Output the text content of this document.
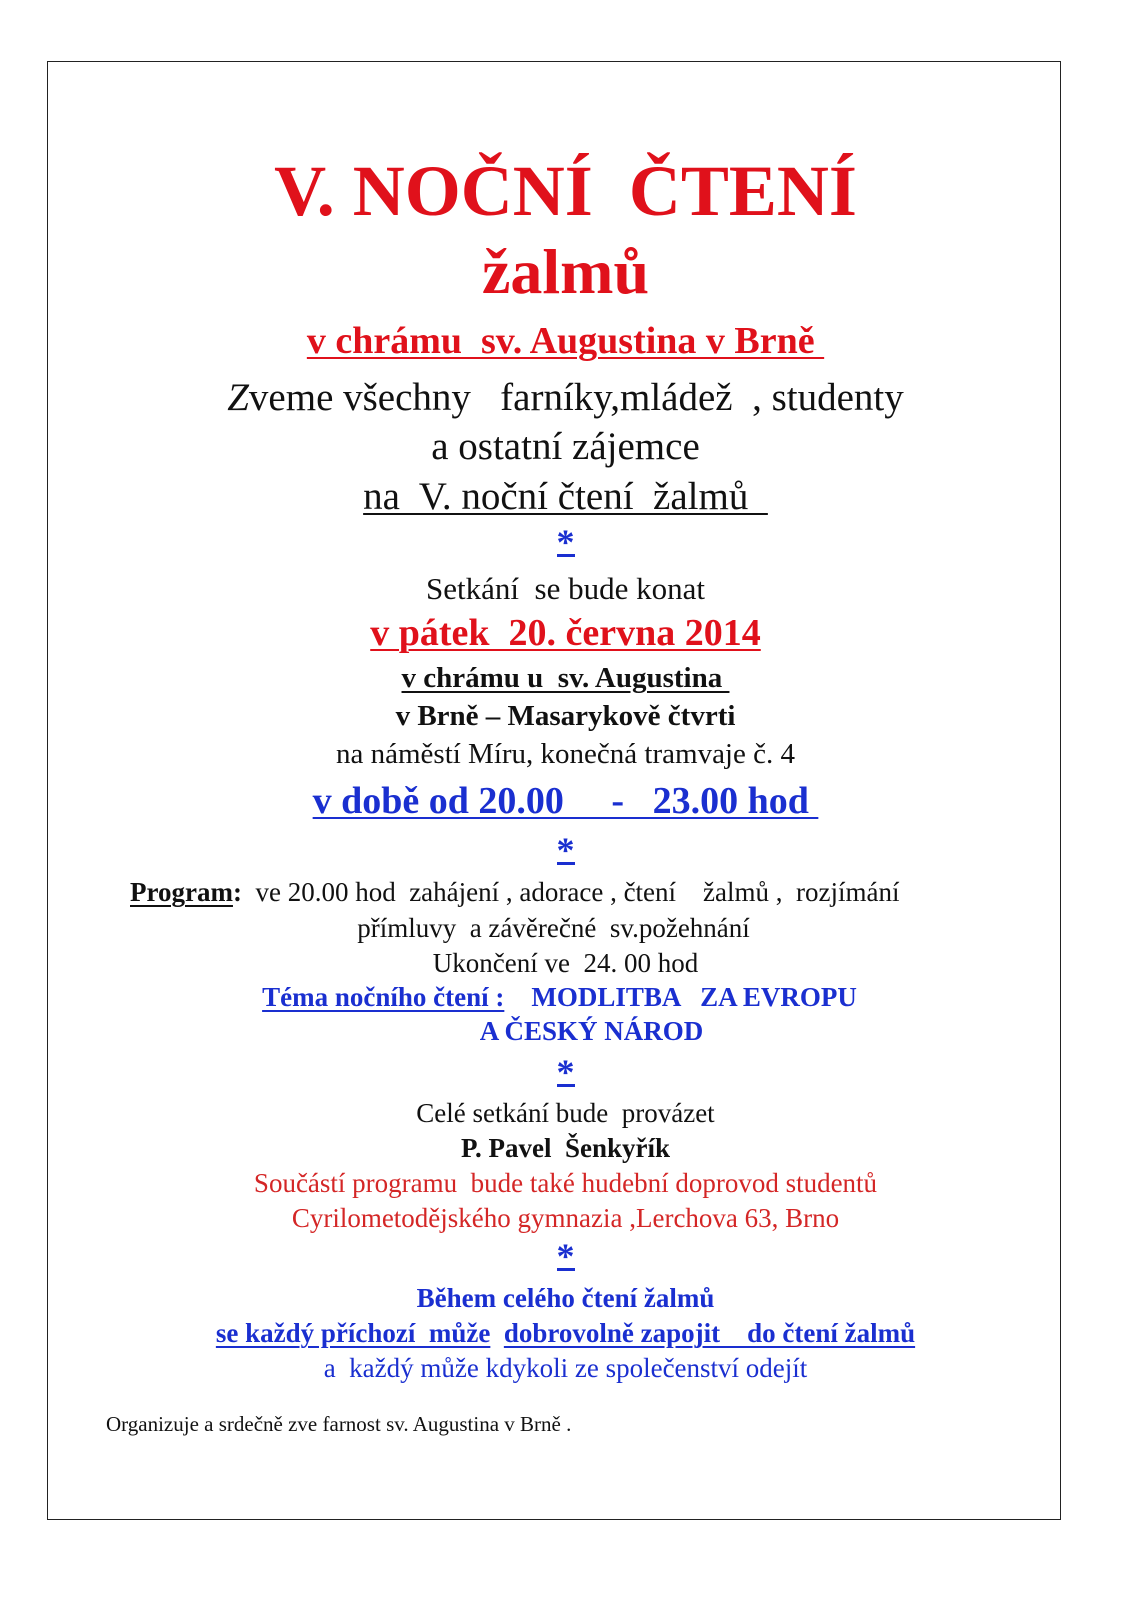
V. NOČNÍ  ČTENÍ
žalmů
v chrámu  sv. Augustina v Brně
Zveme všechny   farníky,mládež  , studenty
a ostatní zájemce
na  V. noční čtení  žalmů
*
Setkání  se bude konat
v pátek  20. června 2014
v chrámu u  sv. Augustina
v Brně – Masarykově čtvrti
na náměstí Míru, konečná tramvaje č. 4
v době od 20.00     -   23.00 hod
*
Program:  ve 20.00 hod  zahájení , adorace , čtení    žalmů ,  rozjímání
přímluvy  a závěrečné  sv.požehnání
Ukončení ve  24. 00 hod
Téma nočního čtení :    MODLITBA   ZA EVROPU
A ČESKÝ NÁROD
*
Celé setkání bude  provázet
P. Pavel  Šenkyřík
Součástí programu  bude také hudební doprovod studentů
Cyrilometodějského gymnazia ,Lerchova 63, Brno
*
Během celého čtení žalmů
se každý příchozí  může dobrovolně zapojit    do čtení žalmů
a  každý může kdykoli ze společenství odejít
Organizuje a srdečně zve farnost sv. Augustina v Brně .
